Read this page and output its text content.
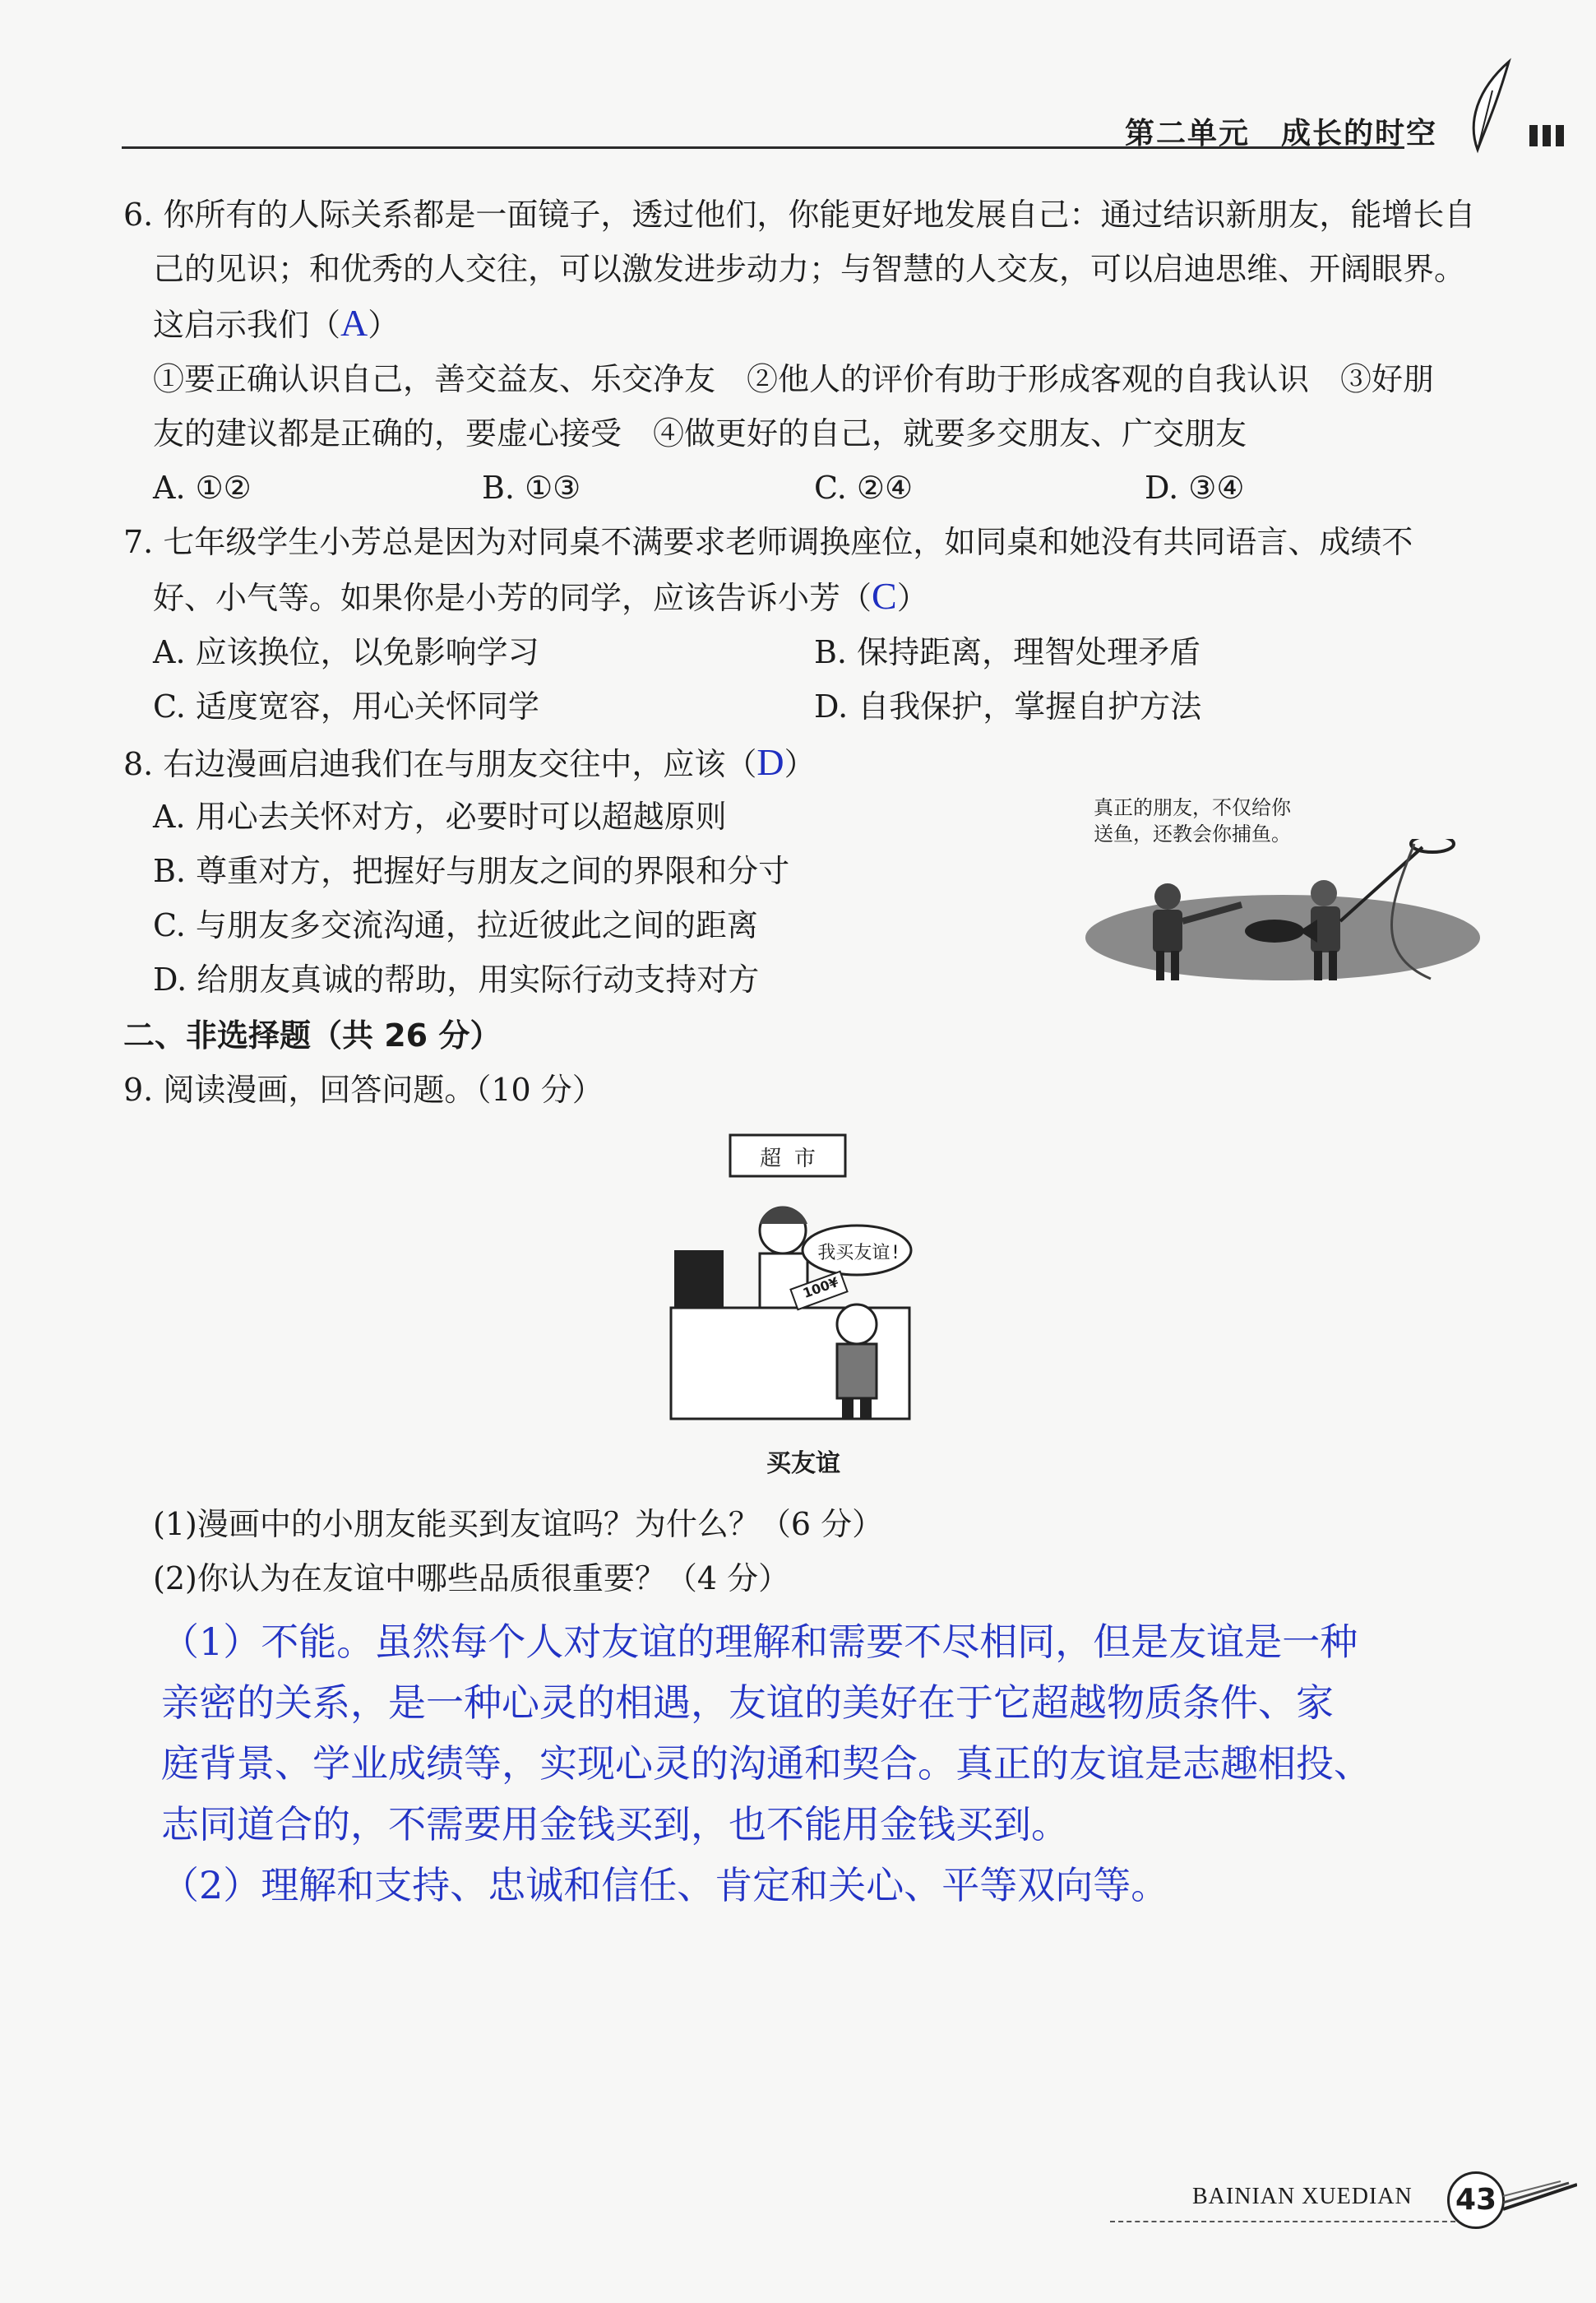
第二单元　成长的时空
6. 你所有的人际关系都是一面镜子，透过他们，你能更好地发展自己：通过结识新朋友，能增长自
己的见识；和优秀的人交往，可以激发进步动力；与智慧的人交友，可以启迪思维、开阔眼界。
这启示我们（A）
①要正确认识自己，善交益友、乐交净友　②他人的评价有助于形成客观的自我认识　③好朋
友的建议都是正确的，要虚心接受　④做更好的自己，就要多交朋友、广交朋友
A. ①②	B. ①③	C. ②④	D. ③④
7. 七年级学生小芳总是因为对同桌不满要求老师调换座位，如同桌和她没有共同语言、成绩不
好、小气等。如果你是小芳的同学，应该告诉小芳（C）
A. 应该换位，以免影响学习	B. 保持距离，理智处理矛盾
C. 适度宽容，用心关怀同学	D. 自我保护，掌握自护方法
8. 右边漫画启迪我们在与朋友交往中，应该（D）
A. 用心去关怀对方，必要时可以超越原则
B. 尊重对方，把握好与朋友之间的界限和分寸
C. 与朋友多交流沟通，拉近彼此之间的距离
D. 给朋友真诚的帮助，用实际行动支持对方
真正的朋友，不仅给你
送鱼，还教会你捕鱼。
二、非选择题（共 26 分）
9. 阅读漫画，回答问题。（10 分）
超 市
我买友谊!
100¥
买友谊
(1)漫画中的小朋友能买到友谊吗？为什么？（6 分）
(2)你认为在友谊中哪些品质很重要？（4 分）
（1）不能。虽然每个人对友谊的理解和需要不尽相同，但是友谊是一种
亲密的关系，是一种心灵的相遇，友谊的美好在于它超越物质条件、家
庭背景、学业成绩等，实现心灵的沟通和契合。真正的友谊是志趣相投、
志同道合的，不需要用金钱买到，也不能用金钱买到。
（2）理解和支持、忠诚和信任、肯定和关心、平等双向等。
BAINIAN XUEDIAN 43
